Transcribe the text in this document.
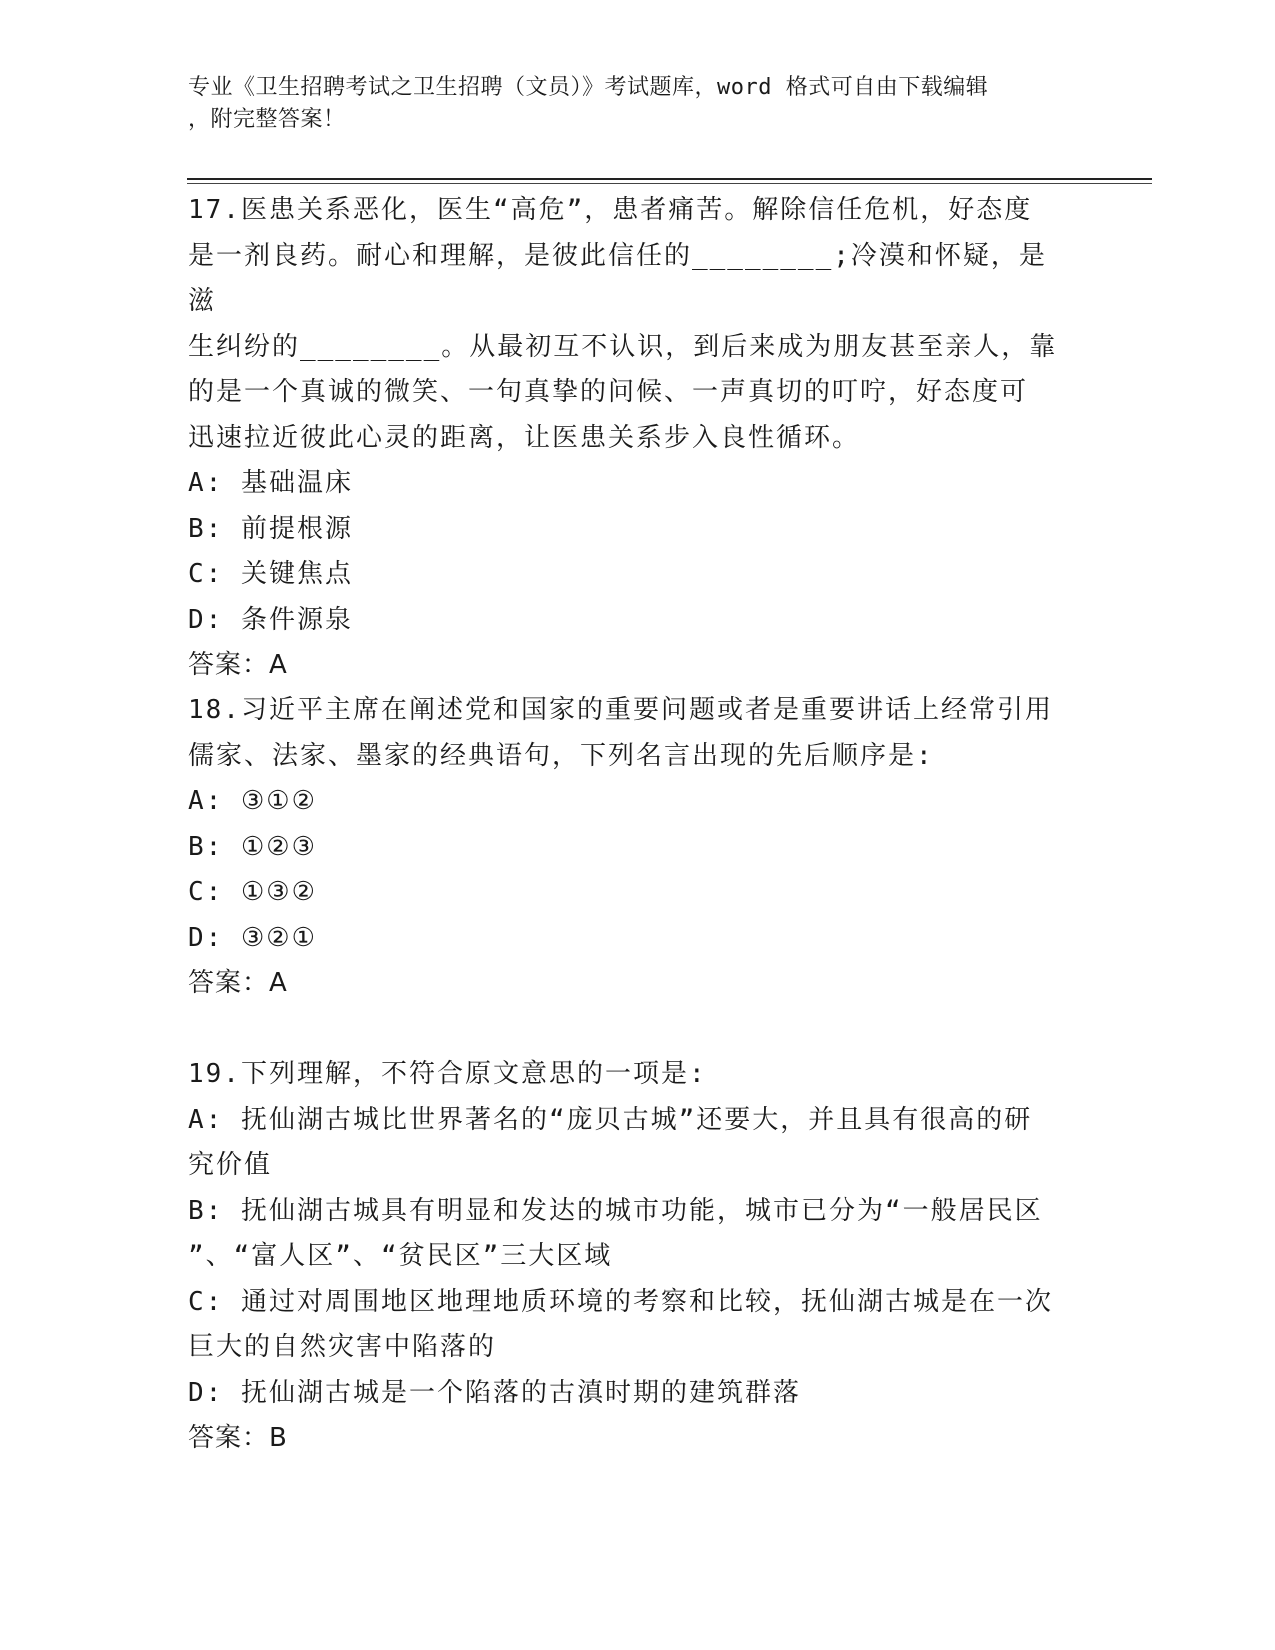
专业《卫生招聘考试之卫生招聘（文员）》考试题库，word 格式可自由下载编辑
，附完整答案！

17.医患关系恶化，医生“高危”，患者痛苦。解除信任危机，好态度

是一剂良药。耐心和理解，是彼此信任的________;冷漠和怀疑，是滋

生纠纷的________。从最初互不认识，到后来成为朋友甚至亲人，靠

的是一个真诚的微笑、一句真挚的问候、一声真切的叮咛，好态度可

迅速拉近彼此心灵的距离，让医患关系步入良性循环。

A: 基础温床

B: 前提根源

C: 关键焦点

D: 条件源泉

答案：A

18.习近平主席在阐述党和国家的重要问题或者是重要讲话上经常引用

儒家、法家、墨家的经典语句，下列名言出现的先后顺序是:

A: ③①②

B: ①②③

C: ①③②

D: ③②①

答案：A

19.下列理解，不符合原文意思的一项是:

A: 抚仙湖古城比世界著名的“庞贝古城”还要大，并且具有很高的研

究价值

B: 抚仙湖古城具有明显和发达的城市功能，城市已分为“一般居民区

”、“富人区”、“贫民区”三大区域

C: 通过对周围地区地理地质环境的考察和比较，抚仙湖古城是在一次

巨大的自然灾害中陷落的

D: 抚仙湖古城是一个陷落的古滇时期的建筑群落

答案：B
